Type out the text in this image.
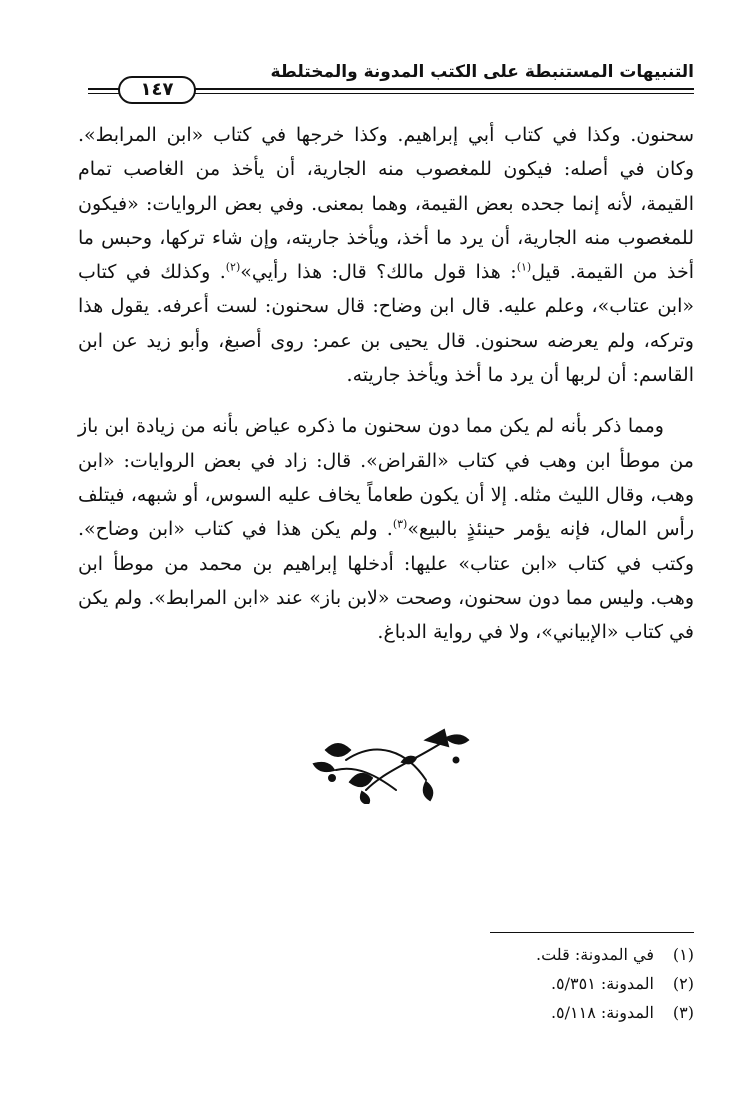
التنبيهات المستنبطة على الكتب المدونة والمختلطة
١٤٧

سحنون. وكذا في كتاب أبي إبراهيم. وكذا خرجها في كتاب «ابن المرابط». وكان في أصله: فيكون للمغصوب منه الجارية، أن يأخذ من الغاصب تمام القيمة، لأنه إنما جحده بعض القيمة، وهما بمعنى. وفي بعض الروايات: «فيكون للمغصوب منه الجارية، أن يرد ما أخذ، ويأخذ جاريته، وإن شاء تركها، وحبس ما أخذ من القيمة. قيل$^{(١)}$: هذا قول مالك؟ قال: هذا رأيي»$^{(٢)}$. وكذلك في كتاب «ابن عتاب»، وعلم عليه. قال ابن وضاح: قال سحنون: لست أعرفه. يقول هذا وتركه، ولم يعرضه سحنون. قال يحيى بن عمر: روى أصبغ، وأبو زيد عن ابن القاسم: أن لربها أن يرد ما أخذ ويأخذ جاريته.

ومما ذكر بأنه لم يكن مما دون سحنون ما ذكره عياض بأنه من زيادة ابن باز من موطأ ابن وهب في كتاب «القراض». قال: زاد في بعض الروايات: «ابن وهب، وقال الليث مثله. إلا أن يكون طعاماً يخاف عليه السوس، أو شبهه، فيتلف رأس المال، فإنه يؤمر حينئذٍ بالبيع»$^{(٣)}$. ولم يكن هذا في كتاب «ابن وضاح». وكتب في كتاب «ابن عتاب» عليها: أدخلها إبراهيم بن محمد من موطأ ابن وهب. وليس مما دون سحنون، وصحت «لابن باز» عند «ابن المرابط». ولم يكن في كتاب «الإبياني»، ولا في رواية الدباغ.

(١)في المدونة: قلت.
(٢)المدونة: ٥/٣٥١.
(٣)المدونة: ٥/١١٨.
